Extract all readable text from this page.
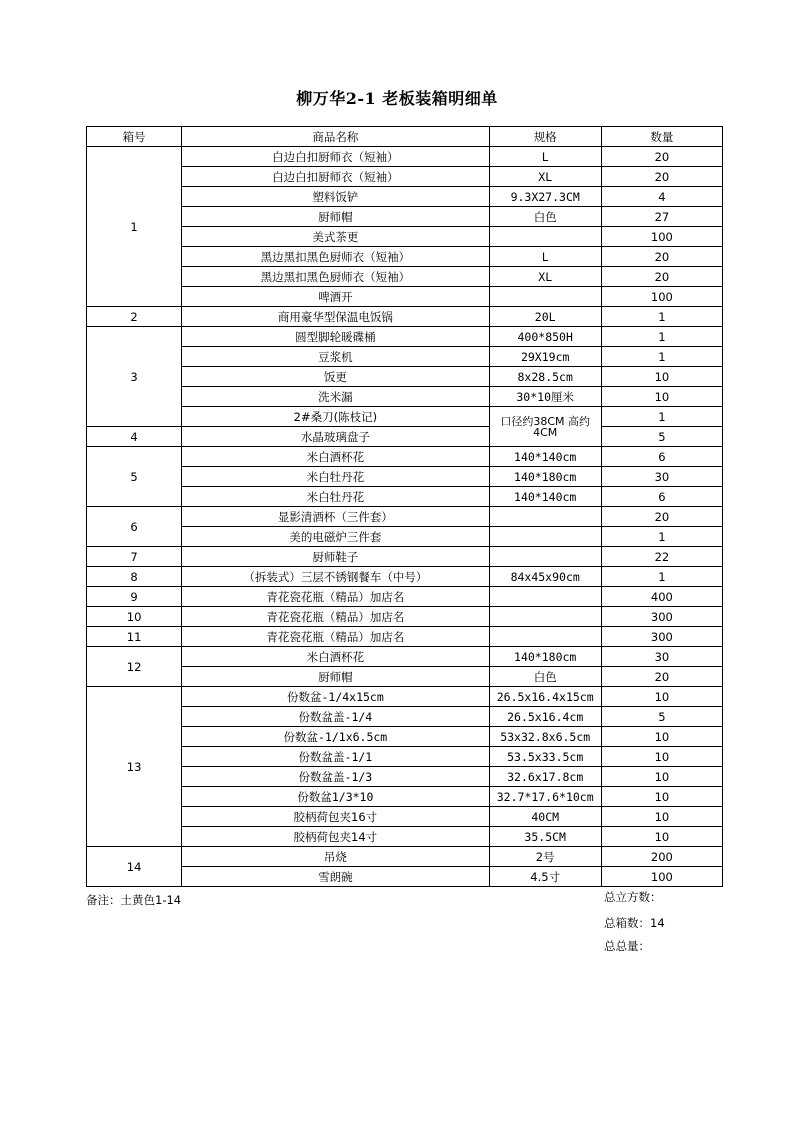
柳万华2-1 老板装箱明细单
箱号	商品名称	规格	数量
1	白边白扣厨师衣（短袖）	L	20
	白边白扣厨师衣（短袖）	XL	20
	塑料饭铲	9.3X27.3CM	4
	厨师帽	白色	27
	美式茶更		100
	黑边黑扣黑色厨师衣（短袖）	L	20
	黑边黑扣黑色厨师衣（短袖）	XL	20
	啤酒开		100
2	商用豪华型保温电饭锅	20L	1
3	圆型脚轮暖碟桶	400*850H	1
	豆浆机	29X19cm	1
	饭更	8x28.5cm	10
	洗米漏	30*10厘米	10
	2#桑刀(陈枝记)	口径约38CM 高约4CM	1
4	水晶玻璃盘子		5
5	米白酒杯花	140*140cm	6
	米白牡丹花	140*180cm	30
	米白牡丹花	140*140cm	6
6	显影清酒杯（三件套）		20
	美的电磁炉三件套		1
7	厨师鞋子		22
8	（拆装式）三层不锈钢餐车（中号）	84x45x90cm	1
9	青花瓷花瓶（精品）加店名		400
10	青花瓷花瓶（精品）加店名		300
11	青花瓷花瓶（精品）加店名		300
12	米白酒杯花	140*180cm	30
	厨师帽	白色	20
13	份数盆-1/4x15cm	26.5x16.4x15cm	10
	份数盆盖-1/4	26.5x16.4cm	5
	份数盆-1/1x6.5cm	53x32.8x6.5cm	10
	份数盆盖-1/1	53.5x33.5cm	10
	份数盆盖-1/3	32.6x17.8cm	10
	份数盆1/3*10	32.7*17.6*10cm	10
	胶柄荷包夹16寸	40CM	10
	胶柄荷包夹14寸	35.5CM	10
14	吊烧	2号	200
	雪朗碗	4.5寸	100
备注：土黄色1-14	总立方数：
总箱数：14
总总量：
